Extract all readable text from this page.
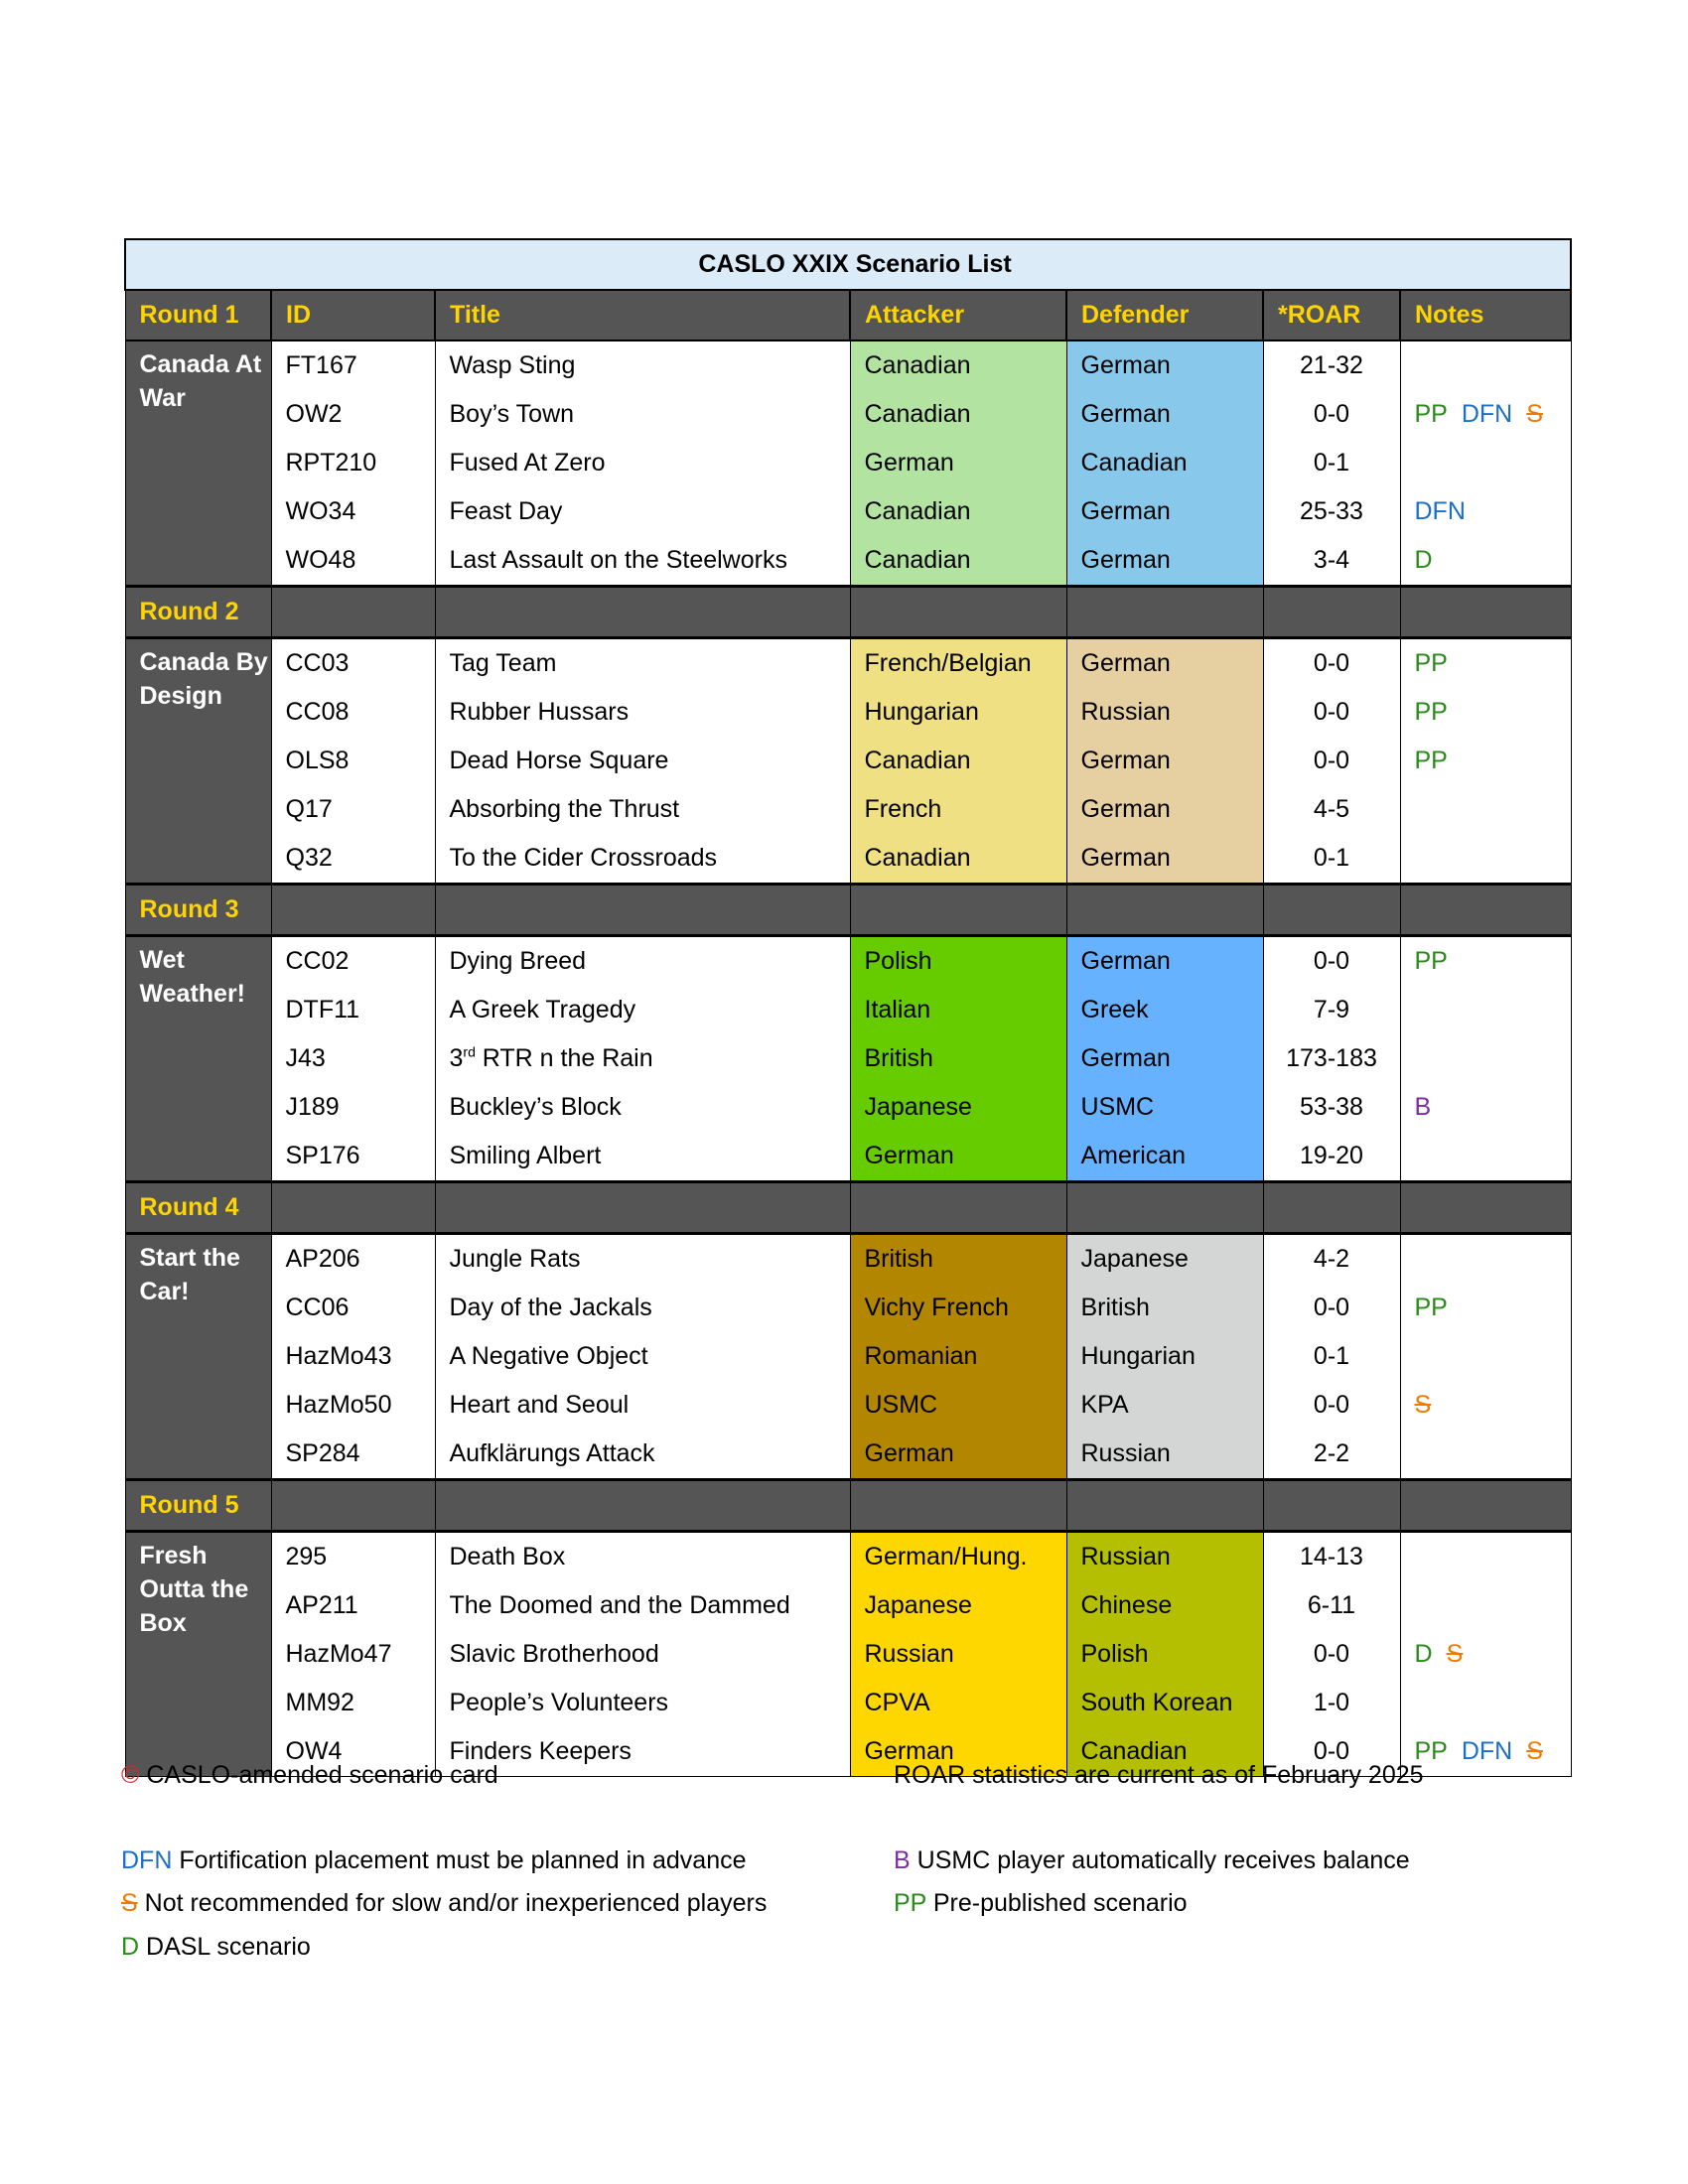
CASLO XXIX Scenario List						
Round 1	ID	Title	Attacker	Defender	*ROAR	Notes
Canada At War	FT167	Wasp Sting	Canadian	German	21-32	
	OW2	Boy’s Town	Canadian	German	0-0	PP DFN S
	RPT210	Fused At Zero	German	Canadian	0-1	
	WO34	Feast Day	Canadian	German	25-33	DFN
	WO48	Last Assault on the Steelworks	Canadian	German	3-4	D
Round 2						
Canada By Design	CC03	Tag Team	French/Belgian	German	0-0	PP
	CC08	Rubber Hussars	Hungarian	Russian	0-0	PP
	OLS8	Dead Horse Square	Canadian	German	0-0	PP
	Q17	Absorbing the Thrust	French	German	4-5	
	Q32	To the Cider Crossroads	Canadian	German	0-1	
Round 3						
Wet Weather!	CC02	Dying Breed	Polish	German	0-0	PP
	DTF11	A Greek Tragedy	Italian	Greek	7-9	
	J43	3rd RTR n the Rain	British	German	173-183	
	J189	Buckley’s Block	Japanese	USMC	53-38	B
	SP176	Smiling Albert	German	American	19-20	
Round 4						
Start the Car!	AP206	Jungle Rats	British	Japanese	4-2	
	CC06	Day of the Jackals	Vichy French	British	0-0	PP
	HazMo43	A Negative Object	Romanian	Hungarian	0-1	
	HazMo50	Heart and Seoul	USMC	KPA	0-0	S
	SP284	Aufklärungs Attack	German	Russian	2-2	
Round 5						
Fresh Outta the Box	295	Death Box	German/Hung.	Russian	14-13	
	AP211	The Doomed and the Dammed	Japanese	Chinese	6-11	
	HazMo47	Slavic Brotherhood	Russian	Polish	0-0	D S
	MM92	People’s Volunteers	CPVA	South Korean	1-0	
	OW4	Finders Keepers	German	Canadian	0-0	PP DFN S
© CASLO-amended scenario card	ROAR statistics are current as of February 2025
DFN Fortification placement must be planned in advance	B USMC player automatically receives balance
S Not recommended for slow and/or inexperienced players	PP Pre-published scenario
D DASL scenario
